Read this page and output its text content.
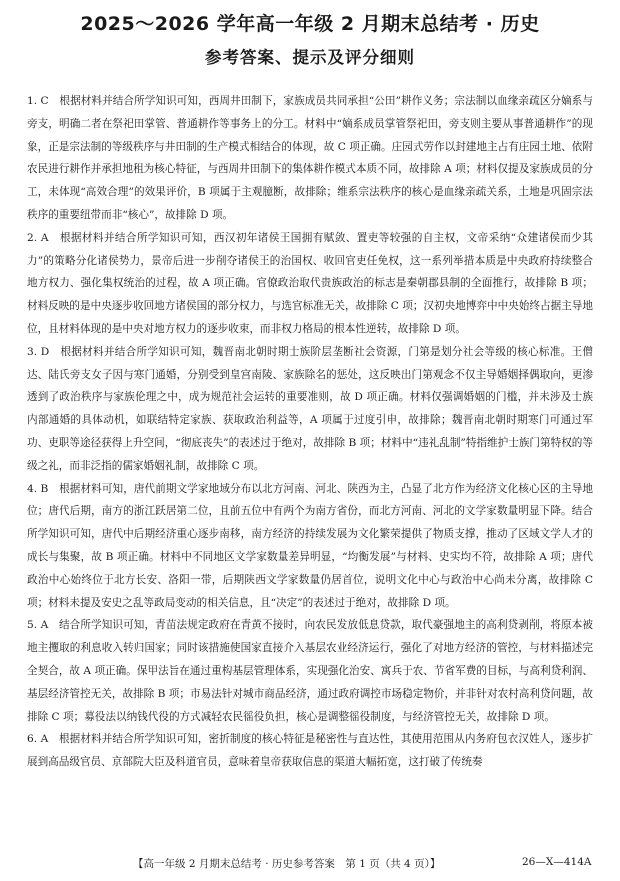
2025～2026 学年高一年级 2 月期末总结考 · 历史
参考答案、提示及评分细则

1. C　 根据材料并结合所学知识可知，西周井田制下，家族成员共同承担“公田”耕作义务；宗法制以血缘亲疏区分嫡系与旁支，明确二者在祭祀田掌管、普通耕作等事务上的分工。材料中“嫡系成员掌管祭祀田，旁支则主要从事普通耕作”的现象，正是宗法制的等级秩序与井田制的生产模式相结合的体现，故 C 项正确。庄园式劳作以封建地主占有庄园土地、依附农民进行耕作并承担地租为核心特征，与西周井田制下的集体耕作模式本质不同，故排除 A 项；材料仅提及家族成员的分工，未体现“高效合理”的效果评价，B 项属于主观臆断，故排除；维系宗法秩序的核心是血缘亲疏关系，土地是巩固宗法秩序的重要纽带而非“核心”，故排除 D 项。

2. A　 根据材料并结合所学知识可知，西汉初年诸侯王国拥有赋敛、置吏等较强的自主权，文帝采纳“众建诸侯而少其力”的策略分化诸侯势力，景帝后进一步削夺诸侯王的治国权、收回官吏任免权，这一系列举措本质是中央政府持续整合地方权力、强化集权统治的过程，故 A 项正确。官僚政治取代贵族政治的标志是秦朝郡县制的全面推行，故排除 B 项；材料反映的是中央逐步收回地方诸侯国的部分权力，与选官标准无关，故排除 C 项；汉初央地博弈中中央始终占据主导地位，且材料体现的是中央对地方权力的逐步收束，而非权力格局的根本性逆转，故排除 D 项。

3. D　 根据材料并结合所学知识可知，魏晋南北朝时期士族阶层垄断社会资源，门第是划分社会等级的核心标准。王僧达、陆氏旁支女子因与寒门通婚，分别受到皇宫南陵、家族除名的惩处，这反映出门第观念不仅主导婚姻择偶取向，更渗透到了政治秩序与家族伦理之中，成为规范社会运转的重要准则，故 D 项正确。材料仅强调婚姻的门槛，并未涉及士族内部通婚的具体动机，如联结特定家族、获取政治利益等，A 项属于过度引申，故排除；魏晋南北朝时期寒门可通过军功、吏职等途径获得上升空间，“彻底丧失”的表述过于绝对，故排除 B 项；材料中“违礼乱制”特指维护士族门第特权的等级之礼，而非泛指的儒家婚姻礼制，故排除 C 项。

4. B　 根据材料可知，唐代前期文学家地域分布以北方河南、河北、陕西为主，凸显了北方作为经济文化核心区的主导地位；唐代后期，南方的浙江跃居第二位，且前五位中有两个为南方省份，而北方河南、河北的文学家数量明显下降。结合所学知识可知，唐代中后期经济重心逐步南移，南方经济的持续发展为文化繁荣提供了物质支撑，推动了区域文学人才的成长与集聚，故 B 项正确。材料中不同地区文学家数量差异明显，“均衡发展”与材料、史实均不符，故排除 A 项；唐代政治中心始终位于北方长安、洛阳一带，后期陕西文学家数量仍居首位，说明文化中心与政治中心尚未分离，故排除 C 项；材料未提及安史之乱等政局变动的相关信息，且“决定”的表述过于绝对，故排除 D 项。

5. A　 结合所学知识可知，青苗法规定政府在青黄不接时，向农民发放低息贷款，取代豪强地主的高利贷剥削，将原本被地主攫取的利息收入转归国家；同时该措施使国家直接介入基层农业经济运行，强化了对地方经济的管控，与材料描述完全契合，故 A 项正确。保甲法旨在通过重构基层管理体系，实现强化治安、寓兵于农、节省军费的目标，与高利贷利润、基层经济管控无关，故排除 B 项；市易法针对城市商品经济，通过政府调控市场稳定物价，并非针对农村高利贷问题，故排除 C 项；募役法以纳钱代役的方式减轻农民徭役负担，核心是调整徭役制度，与经济管控无关，故排除 D 项。

6. A　 根据材料并结合所学知识可知，密折制度的核心特征是秘密性与直达性，其使用范围从内务府包衣汉姓人，逐步扩展到高品级官员、京部院大臣及科道官员，意味着皇帝获取信息的渠道大幅拓宽，这打破了传统奏

【高一年级 2 月期末总结考 · 历史参考答案　第 1 页（共 4 页）】	26—X—414A
